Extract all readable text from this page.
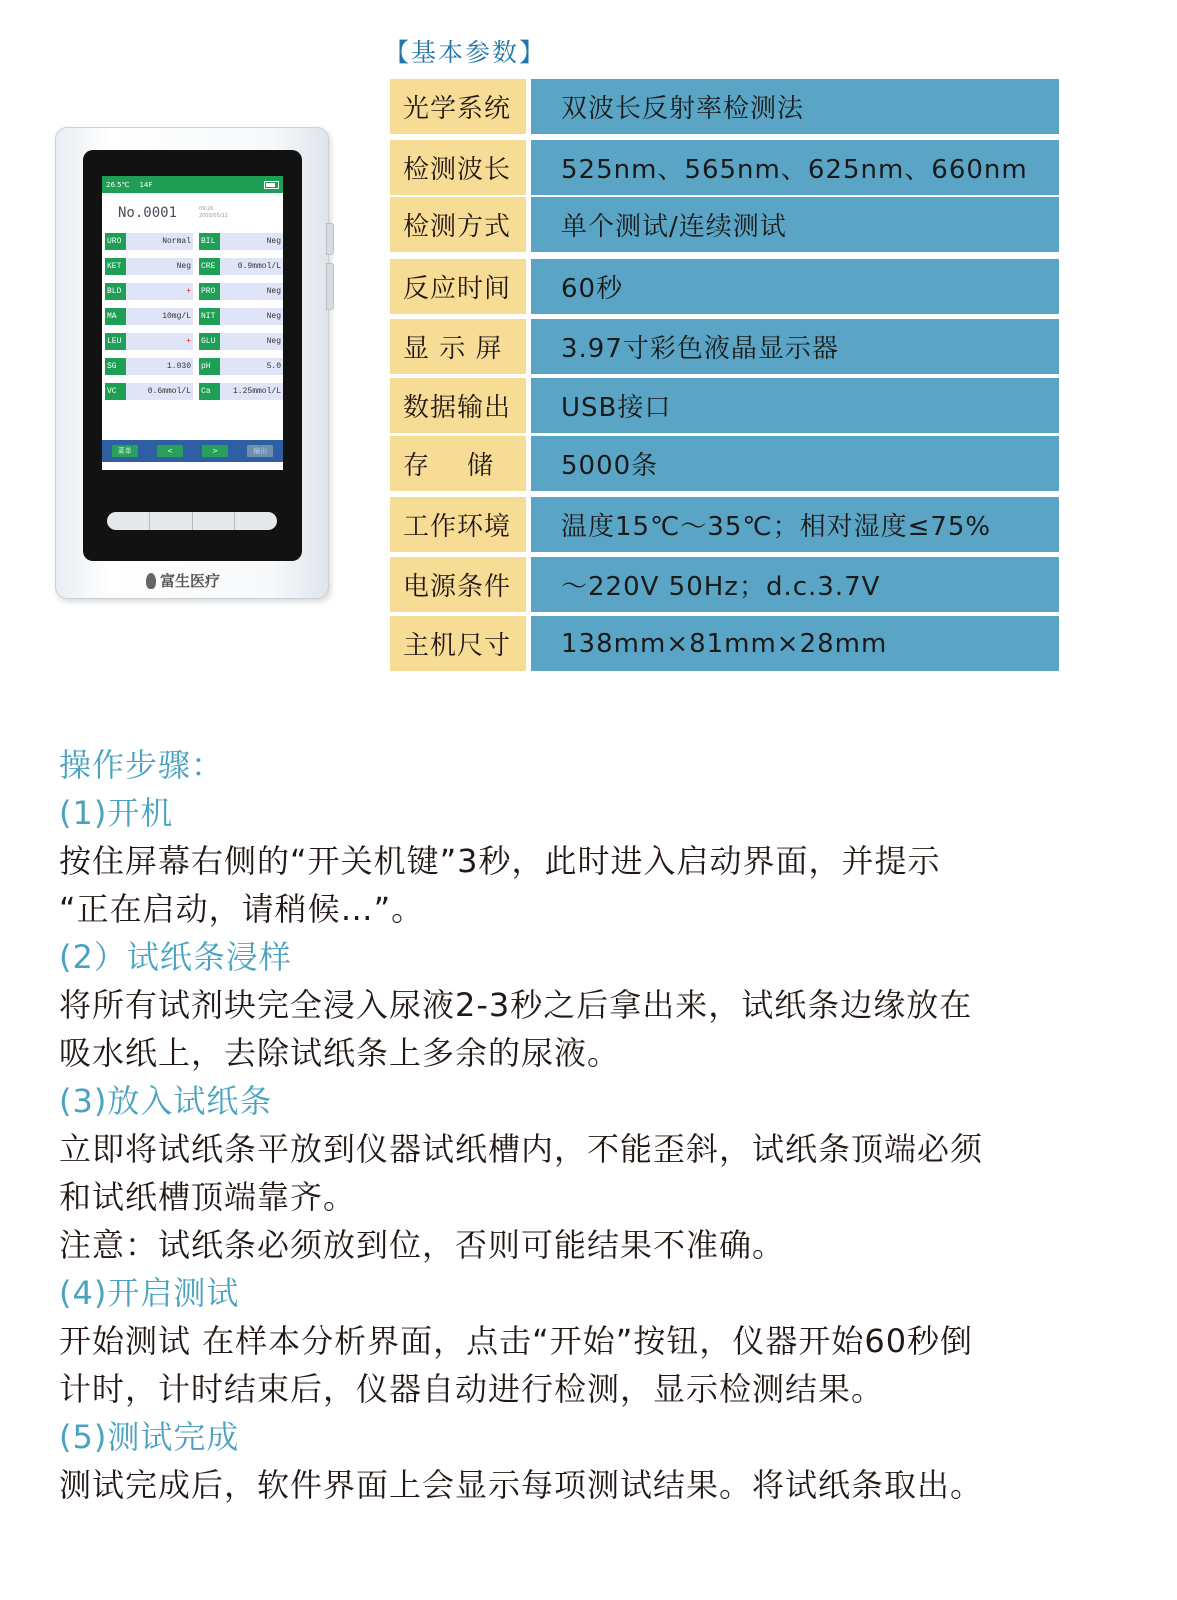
26.5℃ 14F
No.0001	09:26
2003/05/12
URO	Normal BIL	Neg
KET	Neg CRE	0.9mmol/L
BLD	+ PRO	Neg
MA	10mg/L NIT	Neg
LEU	+ GLU	Neg
SG	1.030 pH	5.0
VC	0.6mmol/L Ca	1.25mmol/L
菜单	<	>	输出
富生医疗
【基本参数】
光学系统	双波长反射率检测法
检测波长	525nm、565nm、625nm、660nm
检测方式	单个测试/连续测试
反应时间	60秒
显 示 屏	3.97寸彩色液晶显示器
数据输出	USB接口
存    储	5000条
工作环境	温度15℃～35℃；相对湿度≤75%
电源条件	～220V 50Hz；d.c.3.7V
主机尺寸	138mm×81mm×28mm
操作步骤：
(1)开机
按住屏幕右侧的“开关机键”3秒，此时进入启动界面，并提示
“正在启动，请稍候…”。
(2）试纸条浸样
将所有试剂块完全浸入尿液2-3秒之后拿出来，试纸条边缘放在
吸水纸上，去除试纸条上多余的尿液。
(3)放入试纸条
立即将试纸条平放到仪器试纸槽内，不能歪斜，试纸条顶端必须
和试纸槽顶端靠齐。
注意：试纸条必须放到位，否则可能结果不准确。
(4)开启测试
开始测试 在样本分析界面，点击“开始”按钮，仪器开始60秒倒
计时，计时结束后，仪器自动进行检测，显示检测结果。
(5)测试完成
测试完成后，软件界面上会显示每项测试结果。将试纸条取出。
